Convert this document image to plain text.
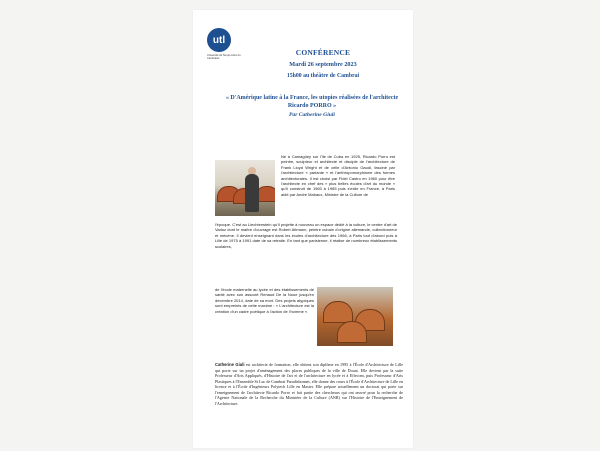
utl
Université du Temps Libre du Cambrésis
CONFÉRENCE
Mardi 26 septembre 2023
15h00 au théâtre de Cambrai
« D'Amérique latine à la France, les utopies réalisées de l'architecte Ricardo PORRO »
Par Catherine Giuli

Né à Camagüey sur l'île de Cuba en 1925, Ricardo Porro est peintre, sculpteur et architecte et disciple de l'architecture de Frank Lloyd Wright et de celle d'Antonio Gaudi, fasciné par l'architecture « parlante » et l'anthropomorphisme des formes architecturales. Il est choisi par Fidel Castro en 1960 pour être l'architecte en chef des « plus belles écoles d'art du monde » qu'il construit de 1960 à 1965 puis s'exile en France, à Paris aidé par André Malraux, Ministre de la Culture de

l'époque. C'est au Liechtenstein qu'il projette à nouveau un espace dédié à la culture, le centre d'art de Vaduz dont le maître d'ouvrage est Robert Altmann, peintre cubain d'origine allemande, collectionneur et mécène. Il devient enseignant dans les écoles d'architecture dès 1966, à Paris tout d'abord puis à Lille de 1975 à 1991 date de sa retraite. En tant que parisienne, il réalise de nombreux établissements scolaires,

de l'école maternelle au lycée et des établissements de santé avec son associé Renaud De la Noue jusqu'en décembre 2014, date de sa mort. Des projets atypiques sont empreints de cette maxime : « L'architecture est la création d'un cadre poétique à l'action de l'homme ».

Catherine Giuli est architecte de formation, elle obtient son diplôme en 1995 à l'École d'Architecture de Lille qui porte sur un projet d'aménagement des places publiques de la ville de Douai. Elle devient par la suite Professeur d'Arts Appliqués, d'Histoire de l'art et de l'architecture en lycée et à Effecom, puis Professeur d'Arts Plastiques à l'Ensemble St Luc de Cambrai Paradisbonnet, elle donne des cours à l'École d'Architecture de Lille en licence et à l'École d'Ingénieurs Polytech Lille en Master. Elle prépare actuellement un doctorat qui porte sur l'enseignement de l'architecte Ricardo Porro et fait partie des chercheurs qui ont œuvré pour la recherche de l'Agence Nationale de la Recherche du Ministère de la Culture (ANR) sur l'Histoire de l'Enseignement de l'Architecture.
